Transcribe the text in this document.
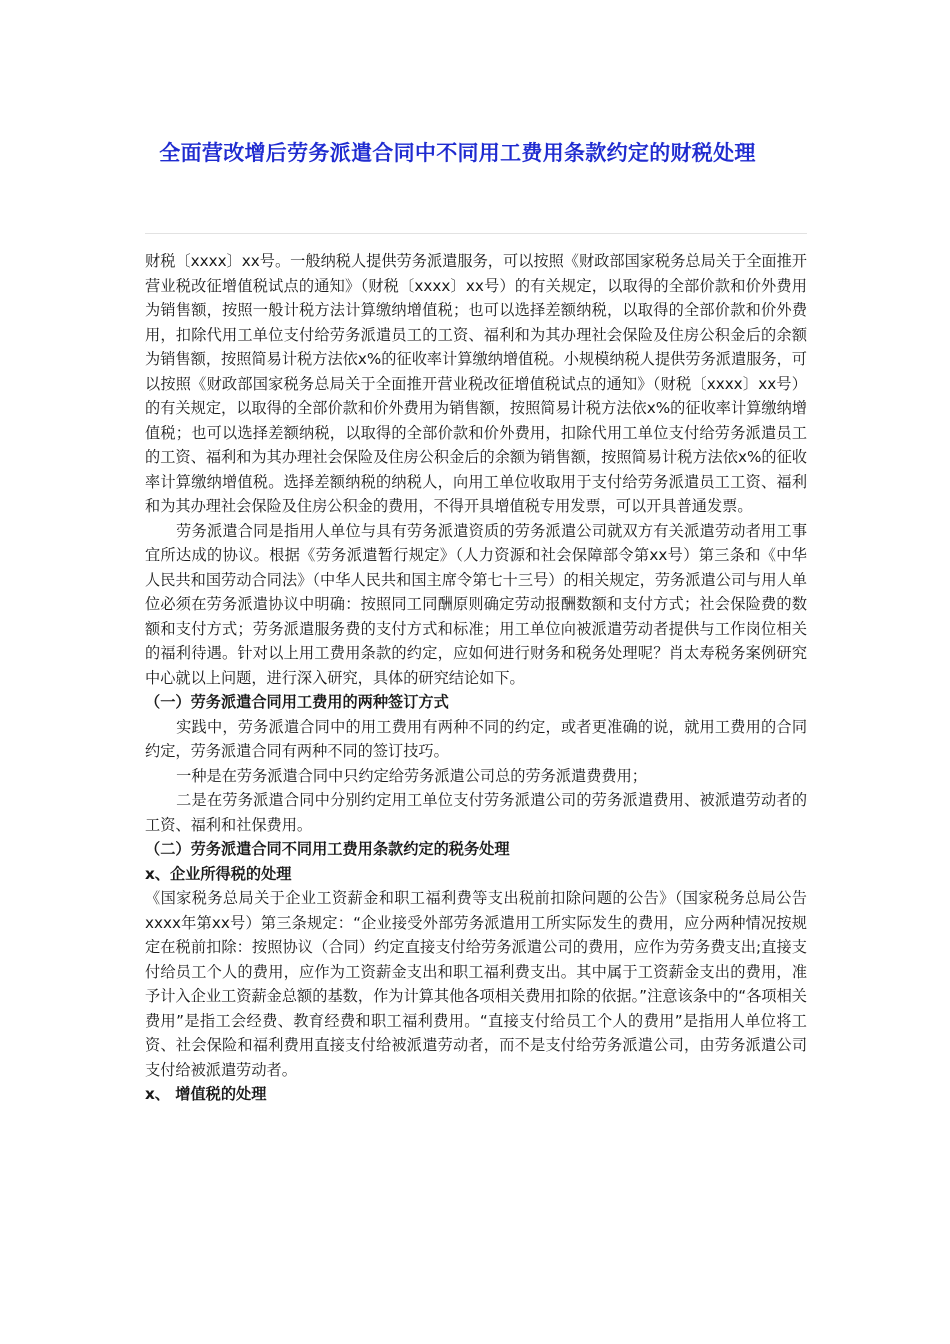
全面营改增后劳务派遣合同中不同用工费用条款约定的财税处理

财税〔xxxx〕xx号。一般纳税人提供劳务派遣服务，可以按照《财政部国家税务总局关于全面推开营业税改征增值税试点的通知》（财税〔xxxx〕xx号）的有关规定，以取得的全部价款和价外费用为销售额，按照一般计税方法计算缴纳增值税；也可以选择差额纳税，以取得的全部价款和价外费用，扣除代用工单位支付给劳务派遣员工的工资、福利和为其办理社会保险及住房公积金后的余额为销售额，按照简易计税方法依x%的征收率计算缴纳增值税。小规模纳税人提供劳务派遣服务，可以按照《财政部国家税务总局关于全面推开营业税改征增值税试点的通知》（财税〔xxxx〕xx号）的有关规定，以取得的全部价款和价外费用为销售额，按照简易计税方法依x%的征收率计算缴纳增值税；也可以选择差额纳税，以取得的全部价款和价外费用，扣除代用工单位支付给劳务派遣员工的工资、福利和为其办理社会保险及住房公积金后的余额为销售额，按照简易计税方法依x%的征收率计算缴纳增值税。选择差额纳税的纳税人，向用工单位收取用于支付给劳务派遣员工工资、福利和为其办理社会保险及住房公积金的费用，不得开具增值税专用发票，可以开具普通发票。

劳务派遣合同是指用人单位与具有劳务派遣资质的劳务派遣公司就双方有关派遣劳动者用工事宜所达成的协议。根据《劳务派遣暂行规定》（人力资源和社会保障部令第xx号）第三条和《中华人民共和国劳动合同法》（中华人民共和国主席令第七十三号）的相关规定，劳务派遣公司与用人单位必须在劳务派遣协议中明确：按照同工同酬原则确定劳动报酬数额和支付方式；社会保险费的数额和支付方式；劳务派遣服务费的支付方式和标准；用工单位向被派遣劳动者提供与工作岗位相关的福利待遇。针对以上用工费用条款的约定，应如何进行财务和税务处理呢？肖太寿税务案例研究中心就以上问题，进行深入研究，具体的研究结论如下。

（一）劳务派遣合同用工费用的两种签订方式

实践中，劳务派遣合同中的用工费用有两种不同的约定，或者更准确的说，就用工费用的合同约定，劳务派遣合同有两种不同的签订技巧。

一种是在劳务派遣合同中只约定给劳务派遣公司总的劳务派遣费费用；

二是在劳务派遣合同中分别约定用工单位支付劳务派遣公司的劳务派遣费用、被派遣劳动者的工资、福利和社保费用。

（二）劳务派遣合同不同用工费用条款约定的税务处理

x、企业所得税的处理

《国家税务总局关于企业工资薪金和职工福利费等支出税前扣除问题的公告》（国家税务总局公告xxxx年第xx号）第三条规定：“企业接受外部劳务派遣用工所实际发生的费用，应分两种情况按规定在税前扣除：按照协议（合同）约定直接支付给劳务派遣公司的费用，应作为劳务费支出;直接支付给员工个人的费用，应作为工资薪金支出和职工福利费支出。其中属于工资薪金支出的费用，准予计入企业工资薪金总额的基数，作为计算其他各项相关费用扣除的依据。”注意该条中的“各项相关费用”是指工会经费、教育经费和职工福利费用。“直接支付给员工个人的费用”是指用人单位将工资、社会保险和福利费用直接支付给被派遣劳动者，而不是支付给劳务派遣公司，由劳务派遣公司支付给被派遣劳动者。

x、 增值税的处理
